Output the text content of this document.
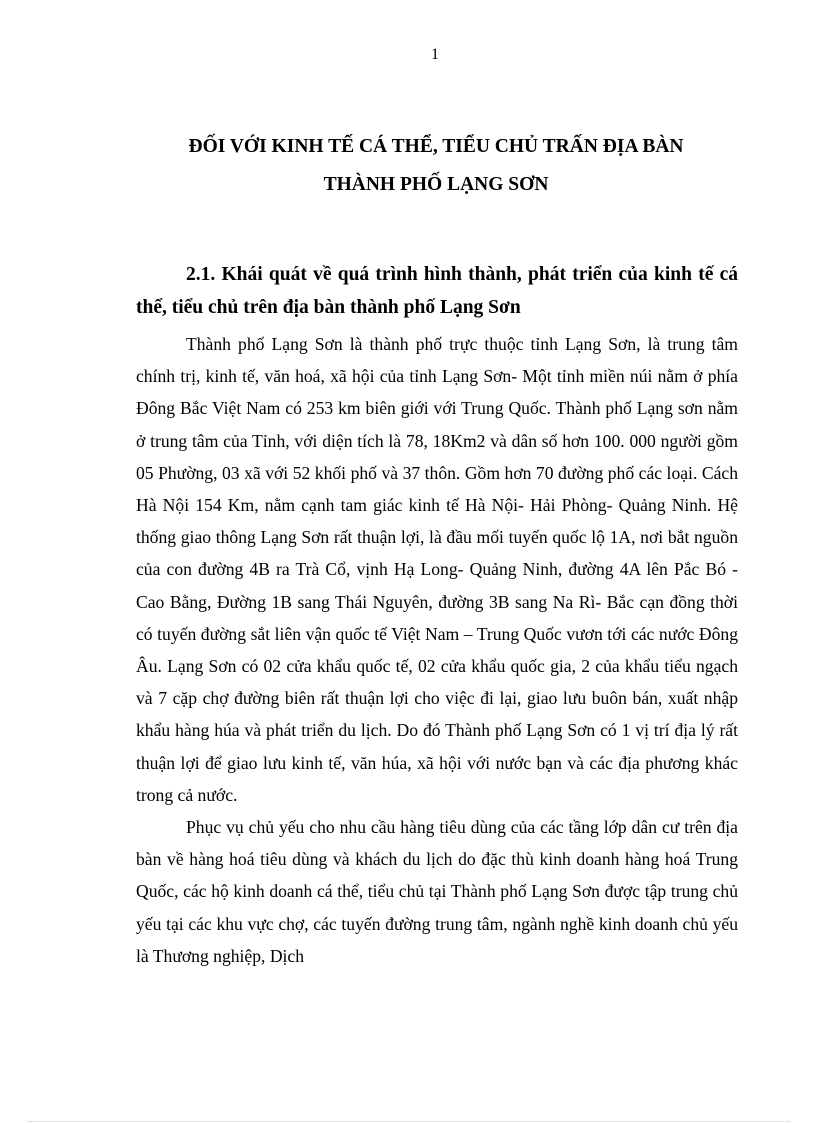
1
ĐỐI VỚI KINH TẾ CÁ THỂ, TIỂU CHỦ TRẤN ĐỊA BÀN
THÀNH PHỐ LẠNG SƠN
2.1. Khái quát về quá trình hình thành, phát triển của kinh tế cá thể, tiểu chủ trên địa bàn thành phố Lạng Sơn

Thành phố Lạng Sơn là thành phố trực thuộc tỉnh Lạng Sơn, là trung tâm chính trị, kinh tế, văn hoá, xã hội của tỉnh Lạng Sơn- Một tỉnh miền núi nằm ở phía Đông Bắc Việt Nam có 253 km biên giới với Trung Quốc. Thành phố Lạng sơn nằm ở trung tâm của Tỉnh, với diện tích là 78, 18Km2 và dân số hơn 100. 000 người gồm 05 Phường, 03 xã với 52 khối phố và 37 thôn. Gồm hơn 70 đường phố các loại. Cách Hà Nội 154 Km, nằm cạnh tam giác kinh tế Hà Nội- Hải Phòng- Quảng Ninh. Hệ thống giao thông Lạng Sơn rất thuận lợi, là đầu mối tuyến quốc lộ 1A, nơi bắt nguồn của con đường 4B ra Trà Cổ, vịnh Hạ Long- Quảng Ninh, đường 4A lên Pắc Bó - Cao Bằng, Đường 1B sang Thái Nguyên, đường 3B sang Na Rì- Bắc cạn đồng thời có tuyến đường sắt liên vận quốc tế Việt Nam – Trung Quốc vươn tới các nước Đông Âu. Lạng Sơn có 02 cửa khẩu quốc tế, 02 cửa khẩu quốc gia, 2 của khẩu tiểu ngạch và 7 cặp chợ đường biên rất thuận lợi cho việc đi lại, giao lưu buôn bán, xuất nhập khẩu hàng húa và phát triển du lịch. Do đó Thành phố Lạng Sơn có 1 vị trí địa lý rất thuận lợi để giao lưu kinh tế, văn húa, xã hội với nước bạn và các địa phương khác trong cả nước.

Phục vụ chủ yếu cho nhu cầu hàng tiêu dùng của các tầng lớp dân cư trên địa bàn về hàng hoá tiêu dùng và khách du lịch do đặc thù kinh doanh hàng hoá Trung Quốc, các hộ kinh doanh cá thể, tiểu chủ tại Thành phố Lạng Sơn được tập trung chủ yếu tại các khu vực chợ, các tuyến đường trung tâm, ngành nghề kinh doanh chủ yếu là Thương nghiệp, Dịch
